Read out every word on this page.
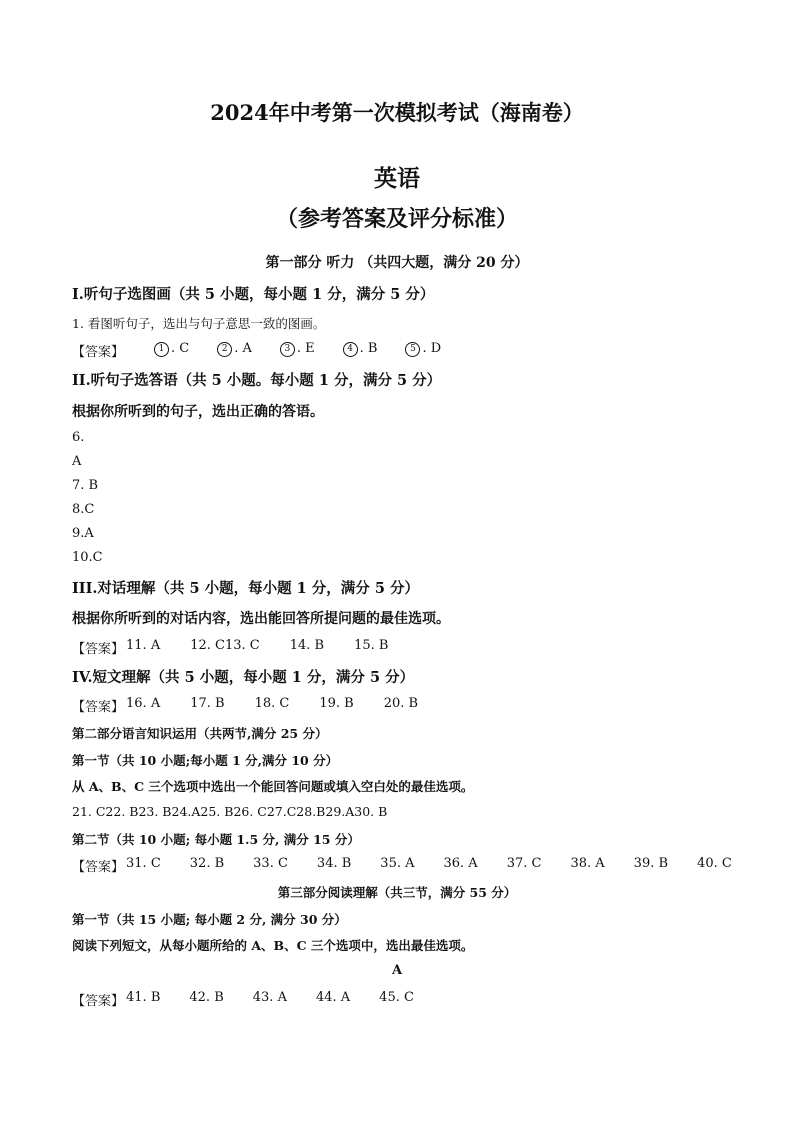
2024年中考第一次模拟考试（海南卷）
英语
（参考答案及评分标准）
第一部分 听力 （共四大题，满分 20 分）
I.听句子选图画（共 5 小题，每小题 1 分，满分 5 分）
1. 看图听句子，选出与句子意思一致的图画。
【答案】	1 . C	2 . A	3 . E	4 . B	5 . D
II.听句子选答语（共 5 小题。每小题 1 分，满分 5 分）
根据你所听到的句子，选出正确的答语。
6.
A
7. B
8.C
9.A
10.C
III.对话理解（共 5 小题，每小题 1 分，满分 5 分）
根据你所听到的对话内容，选出能回答所提问题的最佳选项。
【答案】 11. A 12. C13. C 14. B 15. B
IV.短文理解（共 5 小题，每小题 1 分，满分 5 分）
【答案】 16. A 17. B 18. C 19. B 20. B
第二部分语言知识运用（共两节,满分 25 分）
第一节（共 10 小题;每小题 1 分,满分 10 分）
从 A、B、C 三个选项中选出一个能回答问题或填入空白处的最佳选项。
21. C22. B23. B24.A25. B26. C27.C28.B29.A30. B
第二节（共 10 小题; 每小题 1.5 分, 满分 15 分）
【答案】 31. C 32. B 33. C 34. B 35. A 36. A 37. C 38. A 39. B 40. C
第三部分阅读理解（共三节，满分 55 分）
第一节（共 15 小题; 每小题 2 分, 满分 30 分）
阅读下列短文，从每小题所给的 A、B、C 三个选项中，选出最佳选项。
A
【答案】 41. B 42. B 43. A 44. A 45. C
